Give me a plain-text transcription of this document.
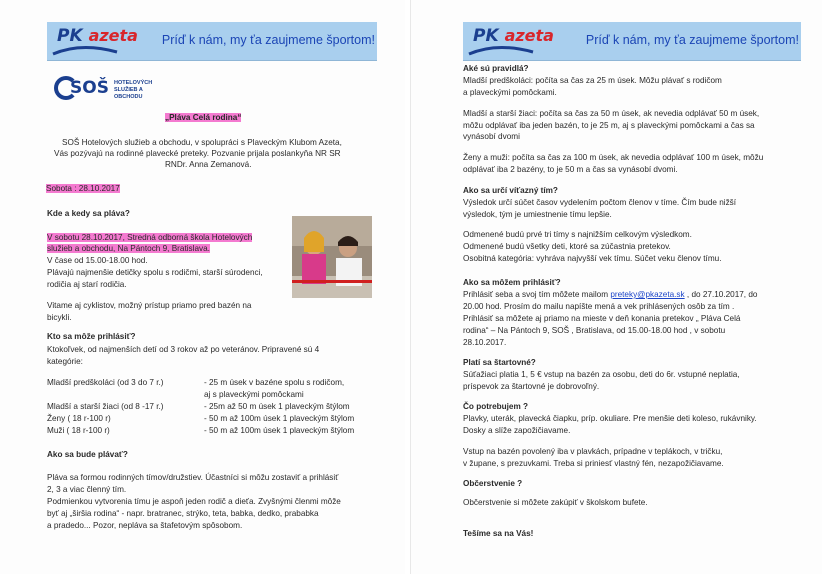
PK azeta Príď k nám, my ťa zaujmeme športom!
SOŠ HOTELOVÝCH SLUŽIEB A OBCHODU
„Pláva Celá rodina“
SOŠ Hotelových služieb a obchodu, v spolupráci s Plaveckým Klubom Azeta,
Vás pozývajú na rodinné plavecké preteky. Pozvanie prijala poslankyňa NR SR
RNDr. Anna Zemanová.
Sobota : 28.10.2017
Kde a kedy sa pláva?
V sobotu 28.10.2017, Stredná odborná škola Hotelových
služieb a obchodu, Na Pántoch 9, Bratislava.
V čase od 15.00-18.00 hod.
Plávajú najmenšie detičky spolu s rodičmi, starší súrodenci,
rodičia aj starí rodičia.
Vitame aj cyklistov, možný prístup priamo pred bazén na
bicykli.
Kto sa môže prihlásiť?
Ktokoľvek, od najmenších detí od 3 rokov až po veteránov. Pripravené sú 4
kategórie:
Mladší predškoláci (od 3 do 7 r.)	- 25 m úsek v bazéne spolu s rodičom,
aj s plaveckými pomôckami
Mladší a starší žiaci (od 8 -17 r.)	- 25m až 50 m úsek 1 plaveckým štýlom
Ženy ( 18 r-100 r)	- 50 m až 100m úsek 1 plaveckým štýlom
Muži ( 18 r-100 r)	- 50 m až 100m úsek 1 plaveckým štýlom
Ako sa bude plávať?
Pláva sa formou rodinných tímov/družstiev. Účastníci si môžu zostaviť a prihlásiť
2, 3 a viac členný tím.
Podmienkou vytvorenia tímu je aspoň jeden rodič a dieťa. Zvyšnými členmi môže
byť aj „širšia rodina“ - napr. bratranec, strýko, teta, babka, dedko, prababka
a pradedo... Pozor, nepláva sa štafetovým spôsobom.
PK azeta	Príď k nám, my ťa zaujmeme športom!
Aké sú pravidlá?
Mladší predškoláci: počíta sa čas za 25 m úsek. Môžu plávať s rodičom
a plaveckými pomôckami.
Mladší a starší žiaci: počíta sa čas za 50 m úsek, ak nevedia odplávať 50 m úsek,
môžu odplávať iba jeden bazén, to je 25 m, aj s plaveckými pomôckami a čas sa
vynásobí dvomi
Ženy a muži: počíta sa čas za 100 m úsek, ak nevedia odplávať 100 m úsek, môžu
odplávať iba 2 bazény, to je 50 m a čas sa vynásobí dvomi.
Ako sa určí víťazný tím?
Výsledok určí súčet časov vydelením počtom členov v tíme. Čím bude nižší
výsledok, tým je umiestnenie tímu lepšie.
Odmenené budú prvé tri tímy s najnižším celkovým výsledkom.
Odmenené budú všetky deti, ktoré sa zúčastnia pretekov.
Osobitná kategória: vyhráva najvyšší vek tímu. Súčet veku členov tímu.
Ako sa môžem prihlásiť?
Prihlásiť seba a svoj tím môžete mailom preteky@pkazeta.sk , do 27.10.2017, do
20.00 hod. Prosím do mailu napíšte mená a vek prihlásených osôb za tím .
Prihlásiť sa môžete aj priamo na mieste v deň konania pretekov „ Pláva Celá
rodina“ – Na Pántoch 9, SOŠ , Bratislava, od 15.00-18.00 hod , v sobotu
28.10.2017.
Platí sa štartovné?
Súťažiaci platia 1, 5 € vstup na bazén za osobu, deti do 6r. vstupné neplatia,
príspevok za štartovné je dobrovoľný.
Čo potrebujem ?
Plavky, uterák, plavecká čiapku, príp. okuliare. Pre menšie deti koleso, rukávniky.
Dosky a slíže zapožičiavame.
Vstup na bazén povolený iba v plavkách, prípadne v teplákoch, v tričku,
v župane, s prezuvkami. Treba si priniesť vlastný fén, nezapožičiavame.
Občerstvenie ?
Občerstvenie si môžete zakúpiť v školskom bufete.
Tešíme sa na Vás!
